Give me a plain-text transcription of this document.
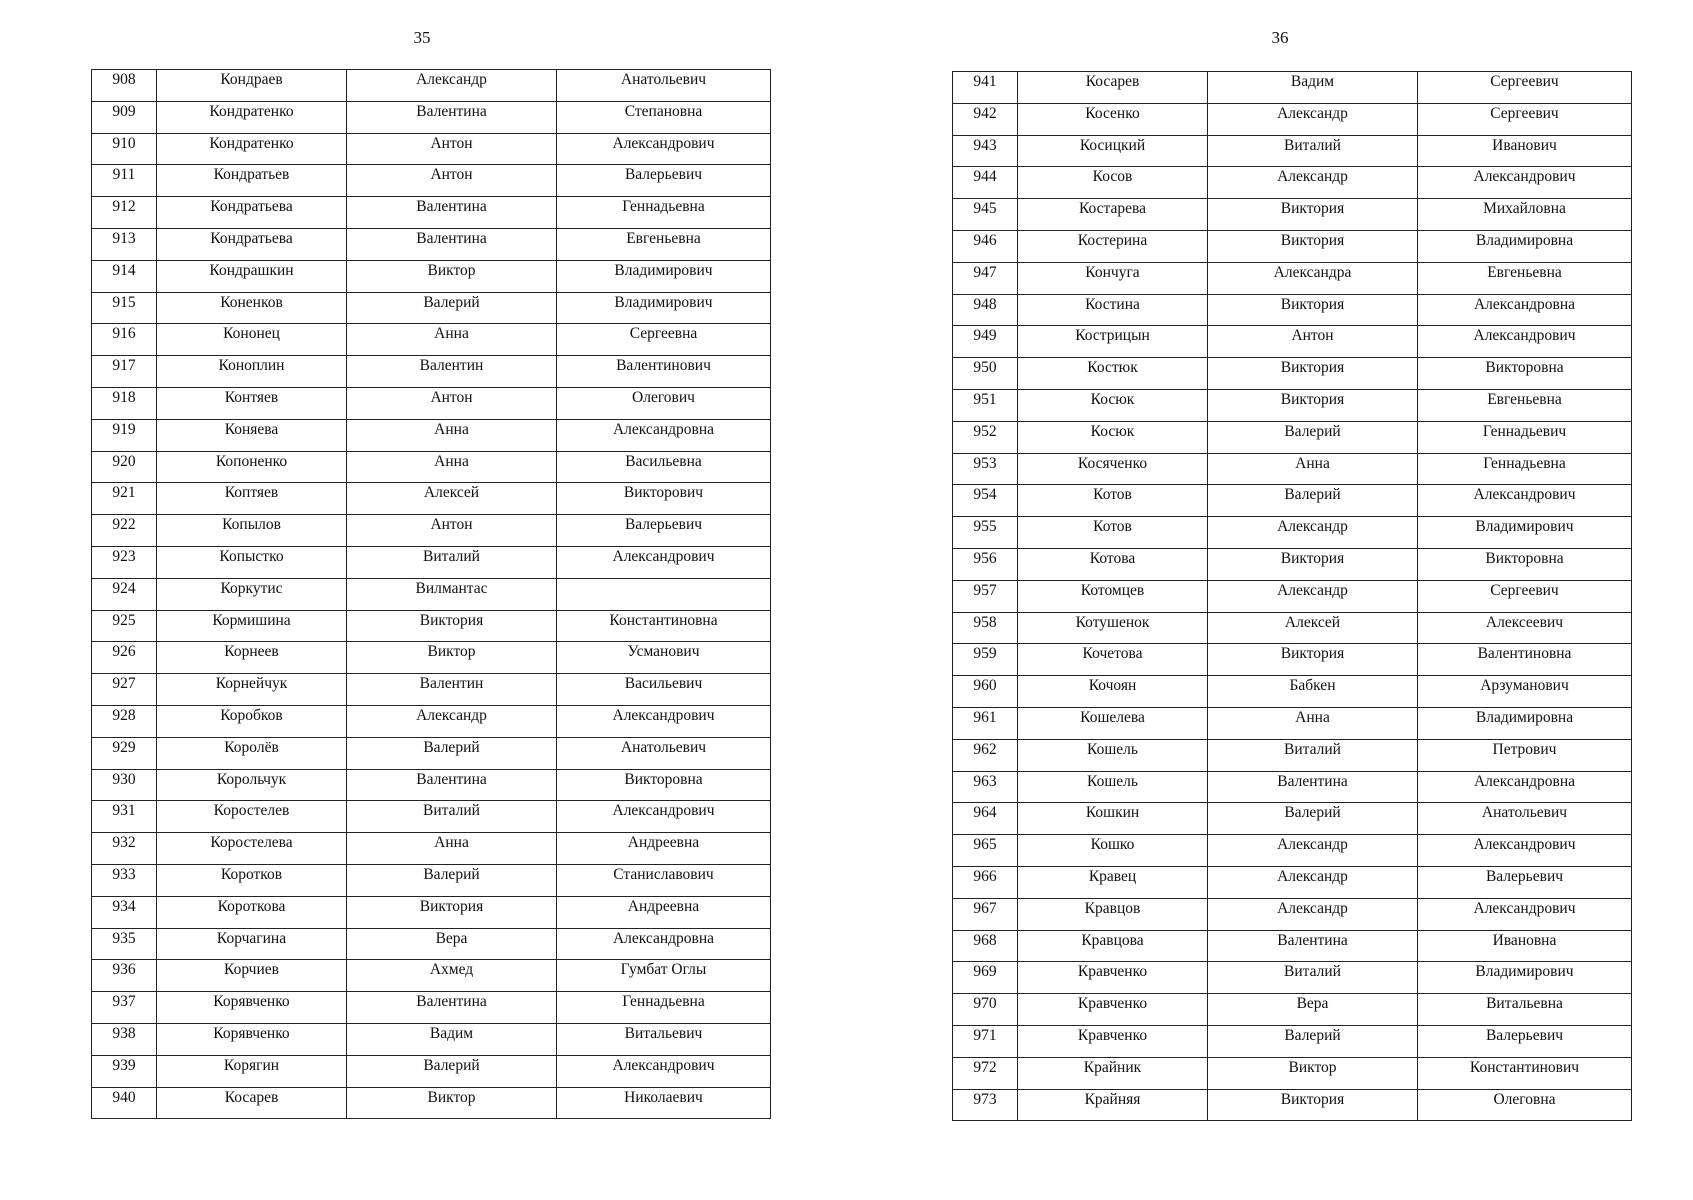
35	36
908	Кондраев	Александр	Анатольевич
909	Кондратенко	Валентина	Степановна
910	Кондратенко	Антон	Александрович
911	Кондратьев	Антон	Валерьевич
912	Кондратьева	Валентина	Геннадьевна
913	Кондратьева	Валентина	Евгеньевна
914	Кондрашкин	Виктор	Владимирович
915	Коненков	Валерий	Владимирович
916	Кононец	Анна	Сергеевна
917	Коноплин	Валентин	Валентинович
918	Контяев	Антон	Олегович
919	Коняева	Анна	Александровна
920	Копоненко	Анна	Васильевна
921	Коптяев	Алексей	Викторович
922	Копылов	Антон	Валерьевич
923	Копыстко	Виталий	Александрович
924	Коркутис	Вилмантас	
925	Кормишина	Виктория	Константиновна
926	Корнеев	Виктор	Усманович
927	Корнейчук	Валентин	Васильевич
928	Коробков	Александр	Александрович
929	Королёв	Валерий	Анатольевич
930	Корольчук	Валентина	Викторовна
931	Коростелев	Виталий	Александрович
932	Коростелева	Анна	Андреевна
933	Коротков	Валерий	Станиславович
934	Короткова	Виктория	Андреевна
935	Корчагина	Вера	Александровна
936	Корчиев	Ахмед	Гумбат Оглы
937	Корявченко	Валентина	Геннадьевна
938	Корявченко	Вадим	Витальевич
939	Корягин	Валерий	Александрович
940	Косарев	Виктор	Николаевич
941	Косарев	Вадим	Сергеевич
942	Косенко	Александр	Сергеевич
943	Косицкий	Виталий	Иванович
944	Косов	Александр	Александрович
945	Костарева	Виктория	Михайловна
946	Костерина	Виктория	Владимировна
947	Кончуга	Александра	Евгеньевна
948	Костина	Виктория	Александровна
949	Кострицын	Антон	Александрович
950	Костюк	Виктория	Викторовна
951	Косюк	Виктория	Евгеньевна
952	Косюк	Валерий	Геннадьевич
953	Косяченко	Анна	Геннадьевна
954	Котов	Валерий	Александрович
955	Котов	Александр	Владимирович
956	Котова	Виктория	Викторовна
957	Котомцев	Александр	Сергеевич
958	Котушенок	Алексей	Алексеевич
959	Кочетова	Виктория	Валентиновна
960	Кочоян	Бабкен	Арзуманович
961	Кошелева	Анна	Владимировна
962	Кошель	Виталий	Петрович
963	Кошель	Валентина	Александровна
964	Кошкин	Валерий	Анатольевич
965	Кошко	Александр	Александрович
966	Кравец	Александр	Валерьевич
967	Кравцов	Александр	Александрович
968	Кравцова	Валентина	Ивановна
969	Кравченко	Виталий	Владимирович
970	Кравченко	Вера	Витальевна
971	Кравченко	Валерий	Валерьевич
972	Крайник	Виктор	Константинович
973	Крайняя	Виктория	Олеговна
